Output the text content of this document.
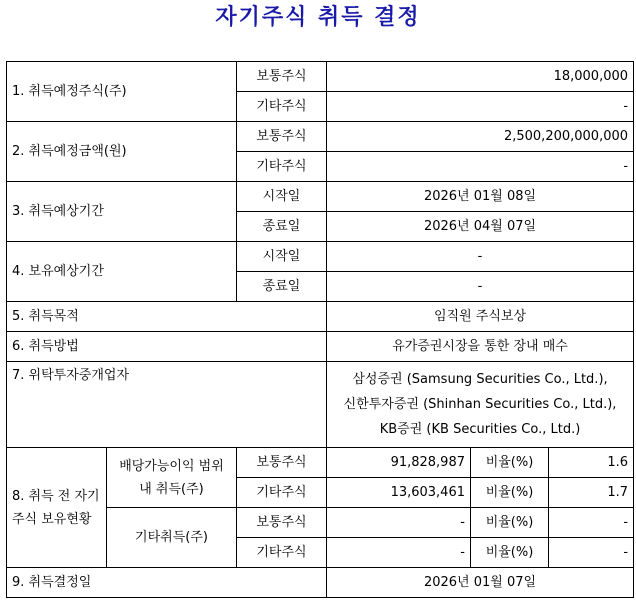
자기주식 취득 결정
1. 취득예정주식(주)		보통주식	18,000,000		
		기타주식	-		
2. 취득예정금액(원)		보통주식	2,500,200,000,000		
		기타주식	-		
3. 취득예상기간		시작일	2026년 01월 08일		
		종료일	2026년 04월 07일		
4. 보유예상기간		시작일	-		
		종료일	-		
5. 취득목적			임직원 주식보상		
6. 취득방법			유가증권시장을 통한 장내 매수		
7. 위탁투자중개업자			삼성증권 (Samsung Securities Co., Ltd.),
신한투자증권 (Shinhan Securities Co., Ltd.),
KB증권 (KB Securities Co., Ltd.)		

8. 취득 전 자기주식 보유현황	배당가능이익 범위 내 취득(주)	보통주식	91,828,987	비율(%)	1.6
		기타주식	13,603,461	비율(%)	1.7
	기타취득(주)	보통주식	-	비율(%)	-
		기타주식	-	비율(%)	-
9. 취득결정일			2026년 01월 07일		
